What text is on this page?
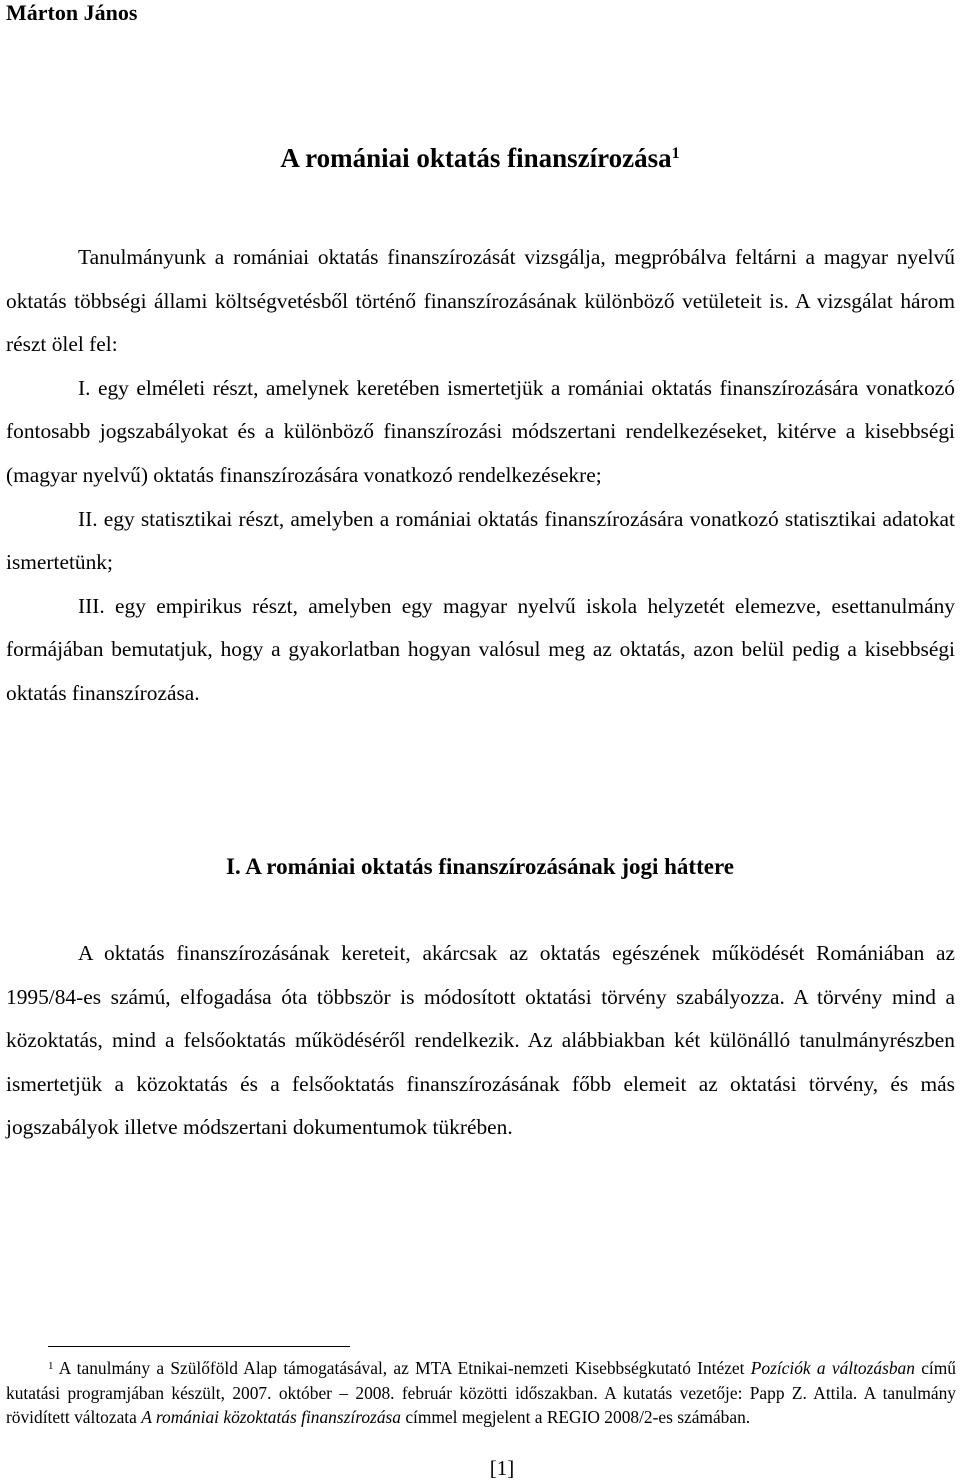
Márton János
A romániai oktatás finanszírozása$^1$

Tanulmányunk a romániai oktatás finanszírozását vizsgálja, megpróbálva feltárni a magyar nyelvű oktatás többségi állami költségvetésből történő finanszírozásának különböző vetületeit is. A vizsgálat három részt ölel fel:

I. egy elméleti részt, amelynek keretében ismertetjük a romániai oktatás finanszírozására vonatkozó fontosabb jogszabályokat és a különböző finanszírozási módszertani rendelkezéseket, kitérve a kisebbségi (magyar nyelvű) oktatás finanszírozására vonatkozó rendelkezésekre;

II. egy statisztikai részt, amelyben a romániai oktatás finanszírozására vonatkozó statisztikai adatokat ismertetünk;

III. egy empirikus részt, amelyben egy magyar nyelvű iskola helyzetét elemezve, esettanulmány formájában bemutatjuk, hogy a gyakorlatban hogyan valósul meg az oktatás, azon belül pedig a kisebbségi oktatás finanszírozása.

I. A romániai oktatás finanszírozásának jogi háttere

A oktatás finanszírozásának kereteit, akárcsak az oktatás egészének működését Romániában az 1995/84-es számú, elfogadása óta többször is módosított oktatási törvény szabályozza. A törvény mind a közoktatás, mind a felsőoktatás működéséről rendelkezik. Az alábbiakban két különálló tanulmányrészben ismertetjük a közoktatás és a felsőoktatás finanszírozásának főbb elemeit az oktatási törvény, és más jogszabályok illetve módszertani dokumentumok tükrében.

$^1$ A tanulmány a Szülőföld Alap támogatásával, az MTA Etnikai-nemzeti Kisebbségkutató Intézet Pozíciók a változásban című kutatási programjában készült, 2007. október – 2008. február közötti időszakban. A kutatás vezetője: Papp Z. Attila. A tanulmány rövidített változata A romániai közoktatás finanszírozása címmel megjelent a REGIO 2008/2-es számában.
[1]
